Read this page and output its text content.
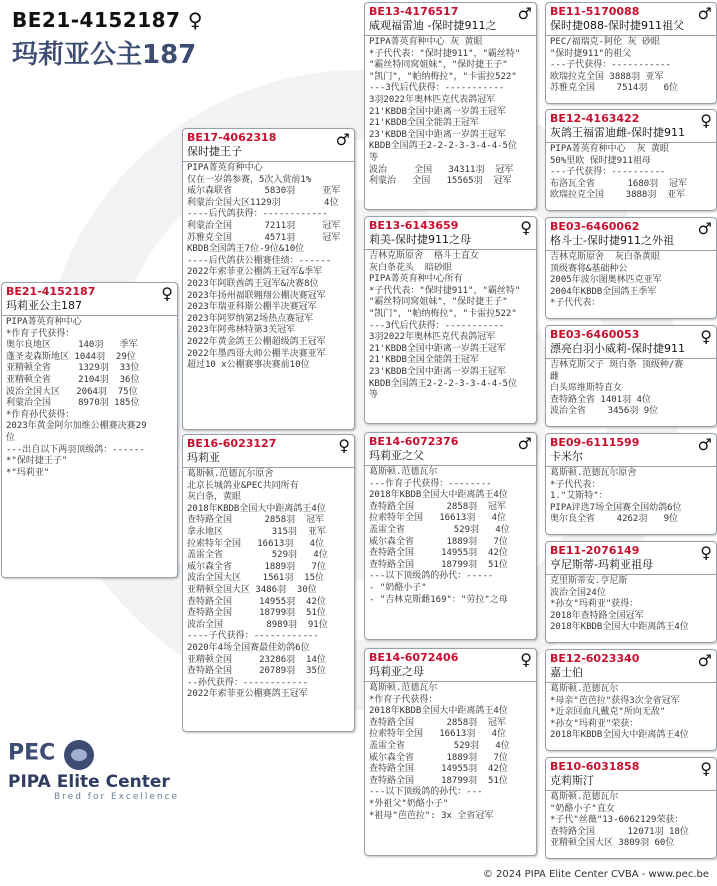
BE21-4152187 ♀
玛莉亚公主187
BE21-4152187
玛莉亚公主187
♀
PIPA菁英育种中心
*作育子代获得：
奥尔良地区     140羽   季军
蓬圣麦森斯地区 1044羽  29位
亚精顿全省     1329羽  33位
亚精顿全省     2104羽  36位
波治全国大区   2064羽  75位
利蒙治全国     8970羽 185位
*作育孙代获得：
2023年黄金阿尔加维公棚赛决赛29
位
---出自以下两羽顶级鸽：------
*"保时捷王子"
*"玛莉亚"
BE17-4062318
保时捷王子
♂
PIPA菁英育种中心
仅在一岁鸽参赛，5次入赏前1%
威尔森联省      5830羽     亚军
利蒙治全国大区1129羽        4位
----后代鸽获得：------------
利蒙治全国      7211羽     冠军
苏雅克全国      4571羽     冠军
KBDB全国鸽王7位-9位&10位
----后代鸽获公棚赛佳绩：------
2022年索菲亚公棚鸽王冠军&季军
2023年阿联酋鸽王冠军&决赛8位
2023年扬州福联翱翔公棚决赛冠军
2023年瑞亚科斯公棚半决赛冠军
2023年阿罗纳第2场热点赛冠军
2023年阿弗林特第3关冠军
2022年黄金鸽王公棚超级鸽王冠军
2022年墨西哥大师公棚半决赛亚军
超过10 x公棚赛事决赛前10位
BE16-6023127
玛莉亚
♀
葛斯顿.范德瓦尔原舍
北京长城鸽业&PEC共同所有
灰白条，黄眼
2018年KBDB全国大中距离鸽王4位
查特路全国      2858羽  冠军
拿永地区         315羽  亚军
拉索特年全国   16613羽   4位
盖雷全省         529羽   4位
威尔森全省      1889羽   7位
波治全国大区    1561羽  15位
亚精顿全国大区 3486羽  30位
查特路全国     14955羽  42位
查特路全国     18799羽  51位
波治全国        8989羽  91位
----子代获得：------------
2020年4场全国赛最佳幼鸽6位
亚精顿全国     23286羽  14位
查特路全国     20789羽  35位
--孙代获得：------------
2022年索菲亚公棚赛鸽王冠军
BE13-4176517
威观福雷迪 -保时捷911之
♂
PIPA菁英育种中心 灰 黄眼
*子代代表："保时捷911"，"霸丝特"
"霸丝特同窝姐妹"，"保时捷王子"
"凯门"，"帕纳梅拉"，"卡雷拉522"
---3代后代获得：-----------
3羽2022年奥林匹克代表鸽冠军
21'KBDB全国中距离一岁鸽王冠军
21'KBDB全国全能鸽王冠军
23'KBDB全国中距离一岁鸽王冠军
KBDB全国鸽王2-2-2-3-3-4-4-5位
等
波治     全国   34311羽  冠军
利蒙治   全国   15565羽  冠军
BE13-6143659
莉美-保时捷911之母
♀
吉林克斯原舍  格斗士直女
灰白条花头  暗砂眼
PIPA菁英育种中心所有
*子代代表："保时捷911"，"霸丝特"
"霸丝特同窝姐妹"，"保时捷王子"
"凯门"，"帕纳梅拉"，"卡雷拉522"
---3代后代获得：-----------
3羽2022年奥林匹克代表鸽冠军
21'KBDB全国中距离一岁鸽王冠军
21'KBDB全国全能鸽王冠军
23'KBDB全国中距离一岁鸽王冠军
KBDB全国鸽王2-2-2-3-3-4-4-5位
等
BE14-6072376
玛莉亚之父
♂
葛斯顿.范德瓦尔
---作育子代获得：--------
2018年KBDB全国大中距离鸽王4位
查特路全国      2858羽  冠军
拉索特年全国   16613羽   4位
盖雷全省         529羽   4位
威尔森全省      1889羽   7位
查特路全国     14955羽  42位
查特路全国     18799羽  51位
---以下顶级鸽的孙代：-----
- "奶酪小子"
- "吉林克斯雌169"："劳拉"之母
BE14-6072406
玛莉亚之母
♀
葛斯顿.范德瓦尔
*作育子代获得：
2018年KBDB全国大中距离鸽王4位
查特路全国      2858羽  冠军
拉索特年全国   16613羽   4位
盖雷全省         529羽   4位
威尔森全省      1889羽   7位
查特路全国     14955羽  42位
查特路全国     18799羽  51位
---以下顶级鸽的孙代：---
*外祖父"奶酪小子"
*祖母"芭芭拉": 3x 全省冠军
BE11-5170088
保时捷088-保时捷911祖父
♂
PEC/福瑞克-阿伦 灰 砂眼
"保时捷911"的祖父
---子代获得：-----------
欧瑞拉克全国 3888羽 亚军
苏雅克全国    7514羽   6位
BE12-4163422
灰鸽王福雷迪雌-保时捷911
♀
PIPA菁英育种中心  灰 黄眼
50%里欧 保时捷911祖母
---子代获得：----------
布洛瓦全省      1680羽  冠军
欧瑞拉克全国    3888羽  亚军
BE03-6460062
格斗士-保时捷911之外祖
♂
吉林克斯原舍  灰白条黄眼
顶级赛将&基础种公
2005年波尔图奥林匹克亚军
2004年KBDB全国鸽王季军
*子代代表：
BE03-6460053
漂亮白羽小威莉-保时捷911
♀
吉林克斯父子 斑白条 顶级种/赛
雌
白头席维斯特直女
查特路全省 1401羽 4位
波治全省    3456羽 9位
BE09-6111599
卡米尔
♂
葛斯顿.范德瓦尔原舍
*子代代表：
1."艾斯特"：
PIPA评选7场全国赛全国幼鸽6位
奥尔良全省    4262羽   9位
BE11-2076149
亨尼斯蒂-玛莉亚祖母
♀
克里斯蒂安.亨尼斯
波治全国24位
*孙女"玛莉亚"获得：
2018年查特路全国冠军
2018年KBDB全国大中距离鸽王4位
BE12-6023340
嘉士伯
♂
葛斯顿.范德瓦尔
*母亲"芭芭拉"获得3次全省冠军
*近亲回血凡戴克"所向无敌"
*孙女"玛莉亚"荣获：
2018年KBDB全国大中距离鸽王4位
BE10-6031858
克莉斯汀
♀
葛斯顿.范德瓦尔
"奶酪小子"直女
*子代"丝薇"13-6062129荣获：
查特路全国      12071羽 18位
亚精顿全国大区 3809羽 60位
PEC
PIPA Elite Center
Bred for Excellence
© 2024 PIPA Elite Center CVBA - www.pec.be
